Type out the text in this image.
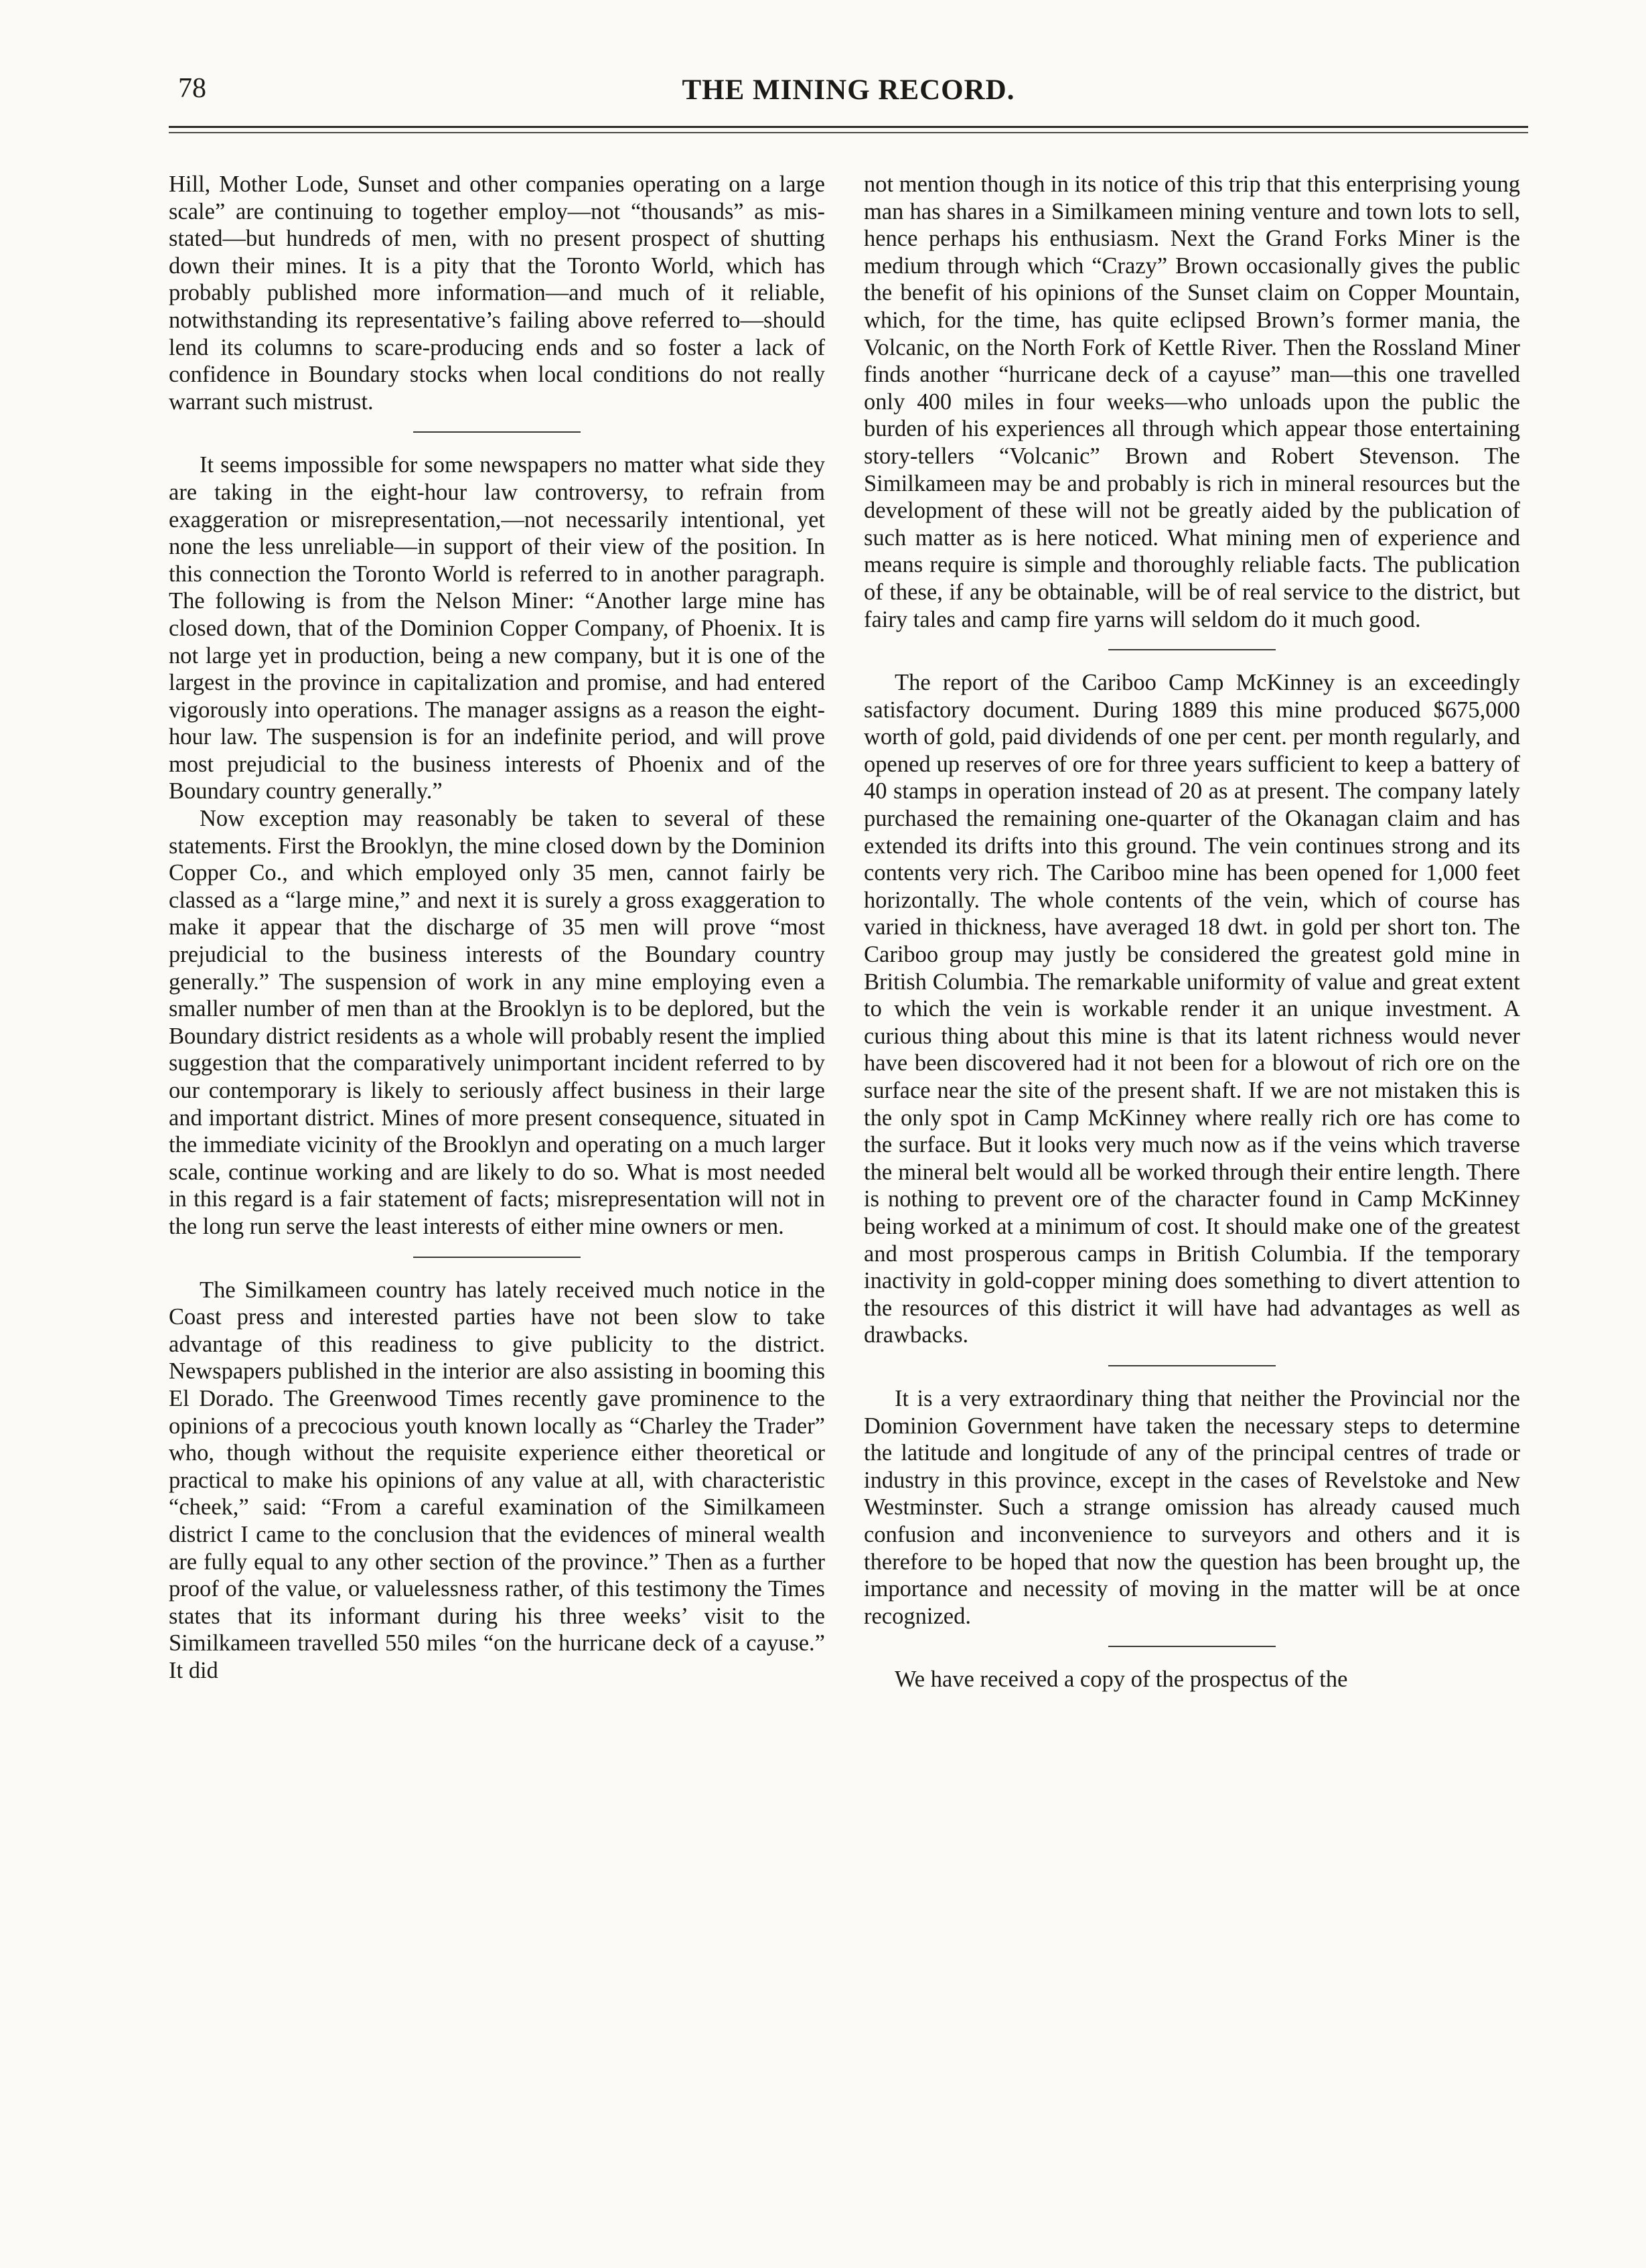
78	THE MINING RECORD.

Hill, Mother Lode, Sunset and other companies operating on a large scale” are continuing to together employ—not “thousands” as mis-stated—but hundreds of men, with no present prospect of shutting down their mines. It is a pity that the Toronto World, which has probably published more information—and much of it reliable, notwithstanding its representative’s failing above referred to—should lend its columns to scare-producing ends and so foster a lack of confidence in Boundary stocks when local conditions do not really warrant such mistrust.

It seems impossible for some newspapers no matter what side they are taking in the eight-hour law controversy, to refrain from exaggeration or misrepresentation,—not necessarily intentional, yet none the less unreliable—in support of their view of the position. In this connection the Toronto World is referred to in another paragraph. The following is from the Nelson Miner: “Another large mine has closed down, that of the Dominion Copper Company, of Phoenix. It is not large yet in production, being a new company, but it is one of the largest in the province in capitalization and promise, and had entered vigorously into operations. The manager assigns as a reason the eight-hour law. The suspension is for an indefinite period, and will prove most prejudicial to the business interests of Phoenix and of the Boundary country generally.”

Now exception may reasonably be taken to several of these statements. First the Brooklyn, the mine closed down by the Dominion Copper Co., and which employed only 35 men, cannot fairly be classed as a “large mine,” and next it is surely a gross exaggeration to make it appear that the discharge of 35 men will prove “most prejudicial to the business interests of the Boundary country generally.” The suspension of work in any mine employing even a smaller number of men than at the Brooklyn is to be deplored, but the Boundary district residents as a whole will probably resent the implied suggestion that the comparatively unimportant incident referred to by our contemporary is likely to seriously affect business in their large and important district. Mines of more present consequence, situated in the immediate vicinity of the Brooklyn and operating on a much larger scale, continue working and are likely to do so. What is most needed in this regard is a fair statement of facts; misrepresentation will not in the long run serve the least interests of either mine owners or men.

The Similkameen country has lately received much notice in the Coast press and interested parties have not been slow to take advantage of this readiness to give publicity to the district. Newspapers published in the interior are also assisting in booming this El Dorado. The Greenwood Times recently gave prominence to the opinions of a precocious youth known locally as “Charley the Trader” who, though without the requisite experience either theoretical or practical to make his opinions of any value at all, with characteristic “cheek,” said: “From a careful examination of the Similkameen district I came to the conclusion that the evidences of mineral wealth are fully equal to any other section of the province.” Then as a further proof of the value, or valuelessness rather, of this testimony the Times states that its informant during his three weeks’ visit to the Similkameen travelled 550 miles “on the hurricane deck of a cayuse.” It did

not mention though in its notice of this trip that this enterprising young man has shares in a Similkameen mining venture and town lots to sell, hence perhaps his enthusiasm. Next the Grand Forks Miner is the medium through which “Crazy” Brown occasionally gives the public the benefit of his opinions of the Sunset claim on Copper Mountain, which, for the time, has quite eclipsed Brown’s former mania, the Volcanic, on the North Fork of Kettle River. Then the Rossland Miner finds another “hurricane deck of a cayuse” man—this one travelled only 400 miles in four weeks—who unloads upon the public the burden of his experiences all through which appear those entertaining story-tellers “Volcanic” Brown and Robert Stevenson. The Similkameen may be and probably is rich in mineral resources but the development of these will not be greatly aided by the publication of such matter as is here noticed. What mining men of experience and means require is simple and thoroughly reliable facts. The publication of these, if any be obtainable, will be of real service to the district, but fairy tales and camp fire yarns will seldom do it much good.

The report of the Cariboo Camp McKinney is an exceedingly satisfactory document. During 1889 this mine produced $675,000 worth of gold, paid dividends of one per cent. per month regularly, and opened up reserves of ore for three years sufficient to keep a battery of 40 stamps in operation instead of 20 as at present. The company lately purchased the remaining one-quarter of the Okanagan claim and has extended its drifts into this ground. The vein continues strong and its contents very rich. The Cariboo mine has been opened for 1,000 feet horizontally. The whole contents of the vein, which of course has varied in thickness, have averaged 18 dwt. in gold per short ton. The Cariboo group may justly be considered the greatest gold mine in British Columbia. The remarkable uniformity of value and great extent to which the vein is workable render it an unique investment. A curious thing about this mine is that its latent richness would never have been discovered had it not been for a blowout of rich ore on the surface near the site of the present shaft. If we are not mistaken this is the only spot in Camp McKinney where really rich ore has come to the surface. But it looks very much now as if the veins which traverse the mineral belt would all be worked through their entire length. There is nothing to prevent ore of the character found in Camp McKinney being worked at a minimum of cost. It should make one of the greatest and most prosperous camps in British Columbia. If the temporary inactivity in gold-copper mining does something to divert attention to the resources of this district it will have had advantages as well as drawbacks.

It is a very extraordinary thing that neither the Provincial nor the Dominion Government have taken the necessary steps to determine the latitude and longitude of any of the principal centres of trade or industry in this province, except in the cases of Revelstoke and New Westminster. Such a strange omission has already caused much confusion and inconvenience to surveyors and others and it is therefore to be hoped that now the question has been brought up, the importance and necessity of moving in the matter will be at once recognized.

We have received a copy of the prospectus of the
